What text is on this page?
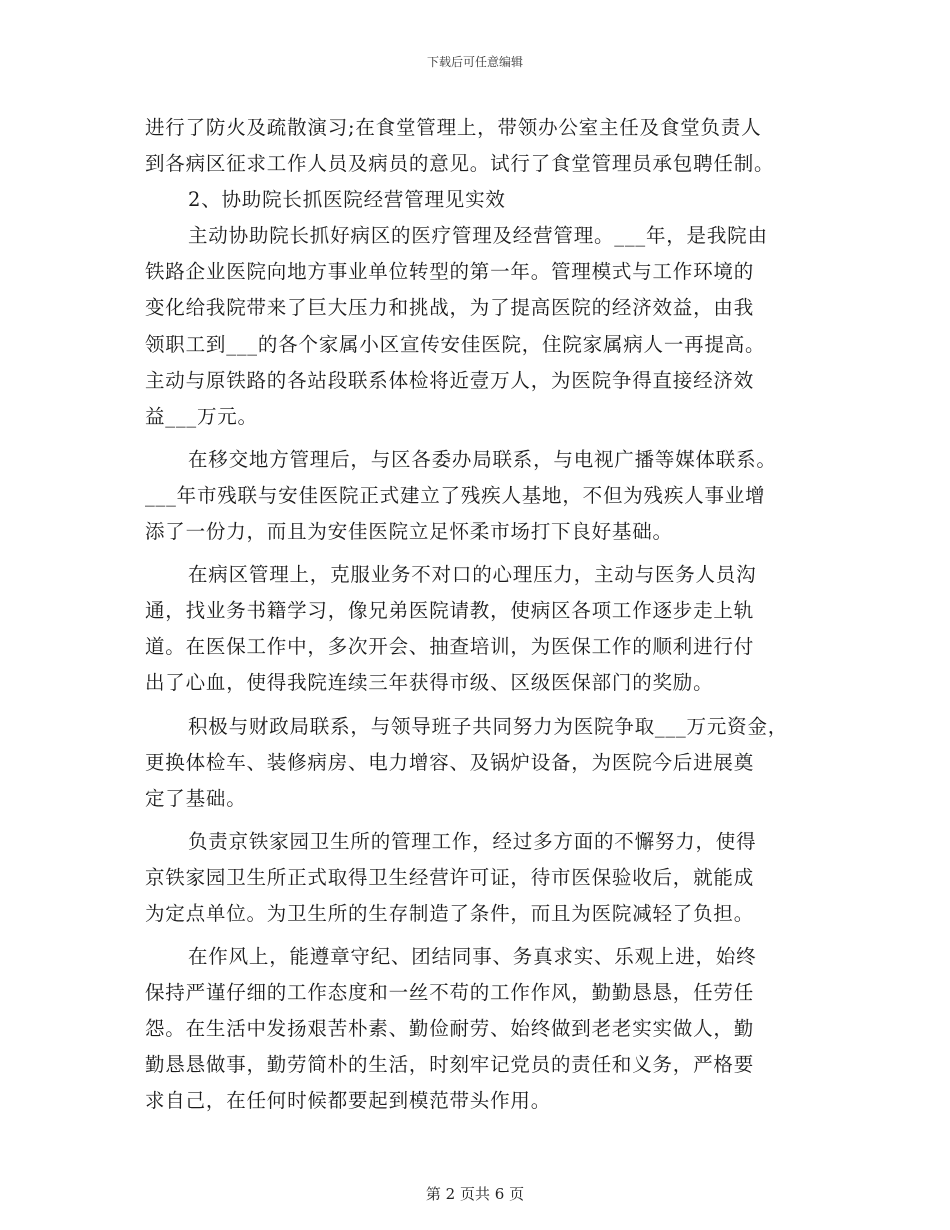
下载后可任意编辑
进行了防火及疏散演习;在食堂管理上，带领办公室主任及食堂负责人
到各病区征求工作人员及病员的意见。试行了食堂管理员承包聘任制。
2、协助院长抓医院经营管理见实效
主动协助院长抓好病区的医疗管理及经营管理。___年，是我院由
铁路企业医院向地方事业单位转型的第一年。管理模式与工作环境的
变化给我院带来了巨大压力和挑战，为了提高医院的经济效益，由我
领职工到___的各个家属小区宣传安佳医院，住院家属病人一再提高。
主动与原铁路的各站段联系体检将近壹万人，为医院争得直接经济效
益___万元。
在移交地方管理后，与区各委办局联系，与电视广播等媒体联系。
___年市残联与安佳医院正式建立了残疾人基地，不但为残疾人事业增
添了一份力，而且为安佳医院立足怀柔市场打下良好基础。
在病区管理上，克服业务不对口的心理压力，主动与医务人员沟
通，找业务书籍学习，像兄弟医院请教，使病区各项工作逐步走上轨
道。在医保工作中，多次开会、抽查培训，为医保工作的顺利进行付
出了心血，使得我院连续三年获得市级、区级医保部门的奖励。
积极与财政局联系，与领导班子共同努力为医院争取___万元资金，
更换体检车、装修病房、电力增容、及锅炉设备，为医院今后进展奠
定了基础。
负责京铁家园卫生所的管理工作，经过多方面的不懈努力，使得
京铁家园卫生所正式取得卫生经营许可证，待市医保验收后，就能成
为定点单位。为卫生所的生存制造了条件，而且为医院减轻了负担。
在作风上，能遵章守纪、团结同事、务真求实、乐观上进，始终
保持严谨仔细的工作态度和一丝不苟的工作作风，勤勤恳恳，任劳任
怨。在生活中发扬艰苦朴素、勤俭耐劳、始终做到老老实实做人，勤
勤恳恳做事，勤劳简朴的生活，时刻牢记党员的责任和义务，严格要
求自己，在任何时候都要起到模范带头作用。
第 2 页共 6 页
